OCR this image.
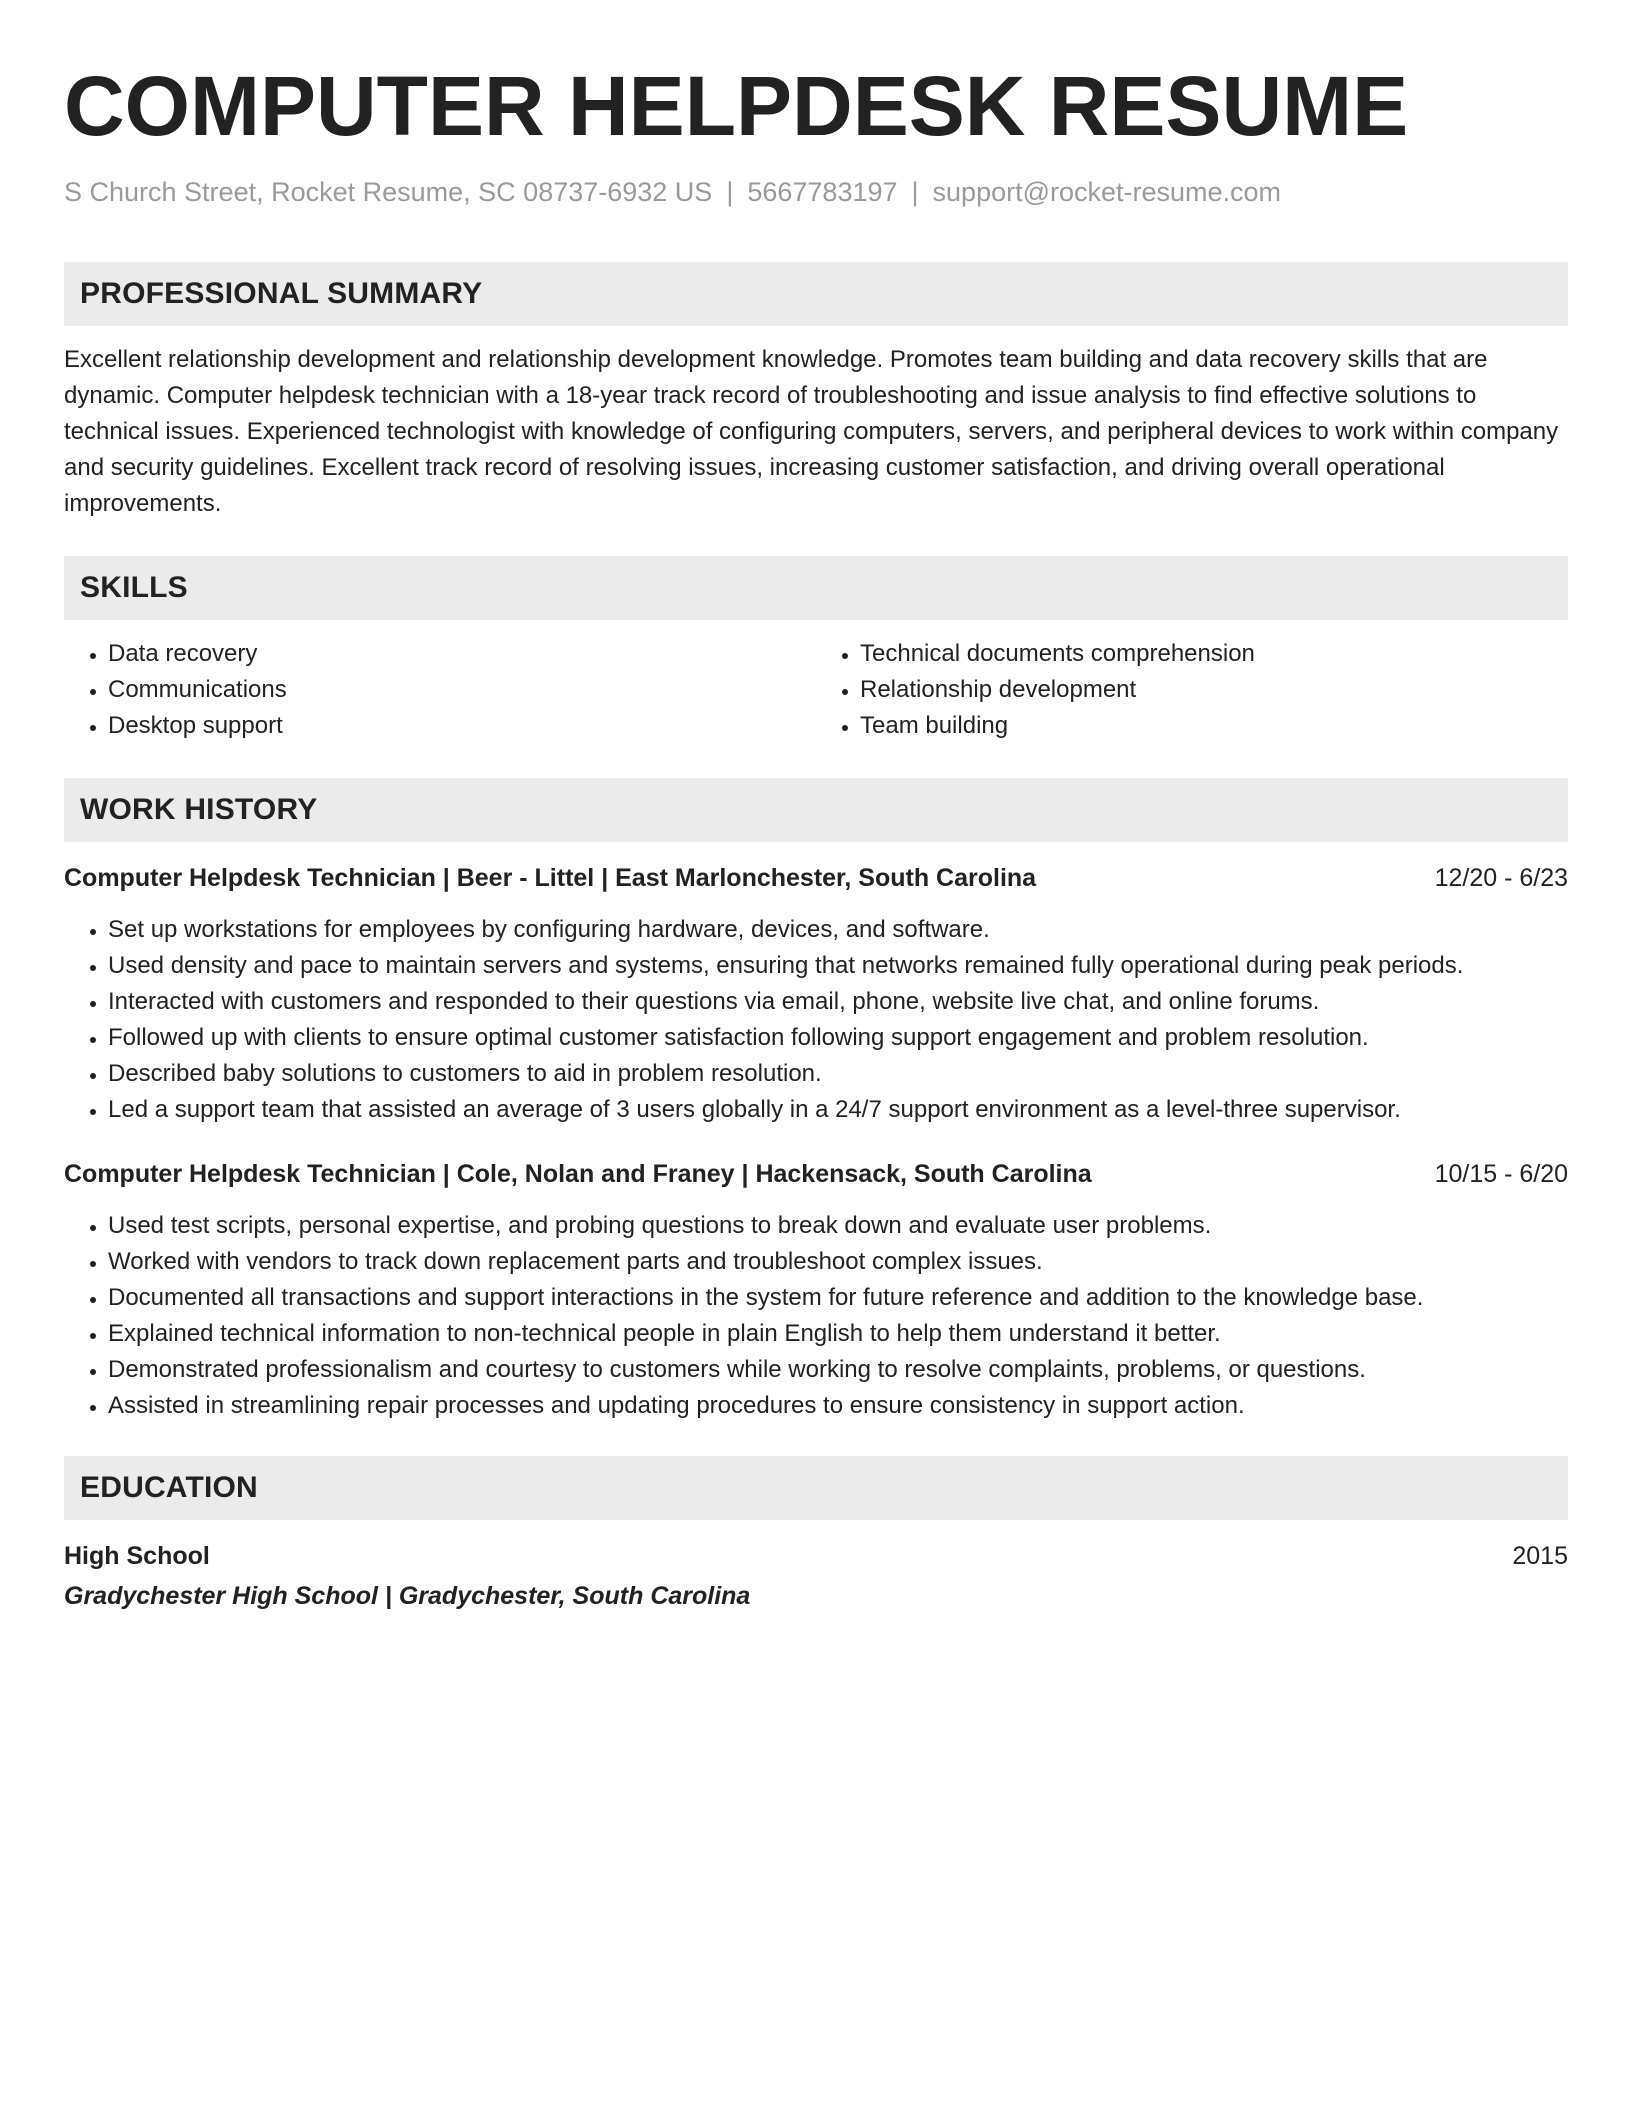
COMPUTER HELPDESK RESUME
S Church Street, Rocket Resume, SC 08737-6932 US | 5667783197 | support@rocket-resume.com
PROFESSIONAL SUMMARY
Excellent relationship development and relationship development knowledge. Promotes team building and data recovery skills that are dynamic. Computer helpdesk technician with a 18-year track record of troubleshooting and issue analysis to find effective solutions to technical issues. Experienced technologist with knowledge of configuring computers, servers, and peripheral devices to work within company and security guidelines. Excellent track record of resolving issues, increasing customer satisfaction, and driving overall operational improvements.
SKILLS
• Data recovery
• Communications
• Desktop support
• Technical documents comprehension
• Relationship development
• Team building
WORK HISTORY
Computer Helpdesk Technician | Beer - Littel | East Marlonchester, South Carolina	12/20 - 6/23
• Set up workstations for employees by configuring hardware, devices, and software.
• Used density and pace to maintain servers and systems, ensuring that networks remained fully operational during peak periods.
• Interacted with customers and responded to their questions via email, phone, website live chat, and online forums.
• Followed up with clients to ensure optimal customer satisfaction following support engagement and problem resolution.
• Described baby solutions to customers to aid in problem resolution.
• Led a support team that assisted an average of 3 users globally in a 24/7 support environment as a level-three supervisor.
Computer Helpdesk Technician | Cole, Nolan and Franey | Hackensack, South Carolina	10/15 - 6/20
• Used test scripts, personal expertise, and probing questions to break down and evaluate user problems.
• Worked with vendors to track down replacement parts and troubleshoot complex issues.
• Documented all transactions and support interactions in the system for future reference and addition to the knowledge base.
• Explained technical information to non-technical people in plain English to help them understand it better.
• Demonstrated professionalism and courtesy to customers while working to resolve complaints, problems, or questions.
• Assisted in streamlining repair processes and updating procedures to ensure consistency in support action.
EDUCATION
High School	2015
Gradychester High School | Gradychester, South Carolina
